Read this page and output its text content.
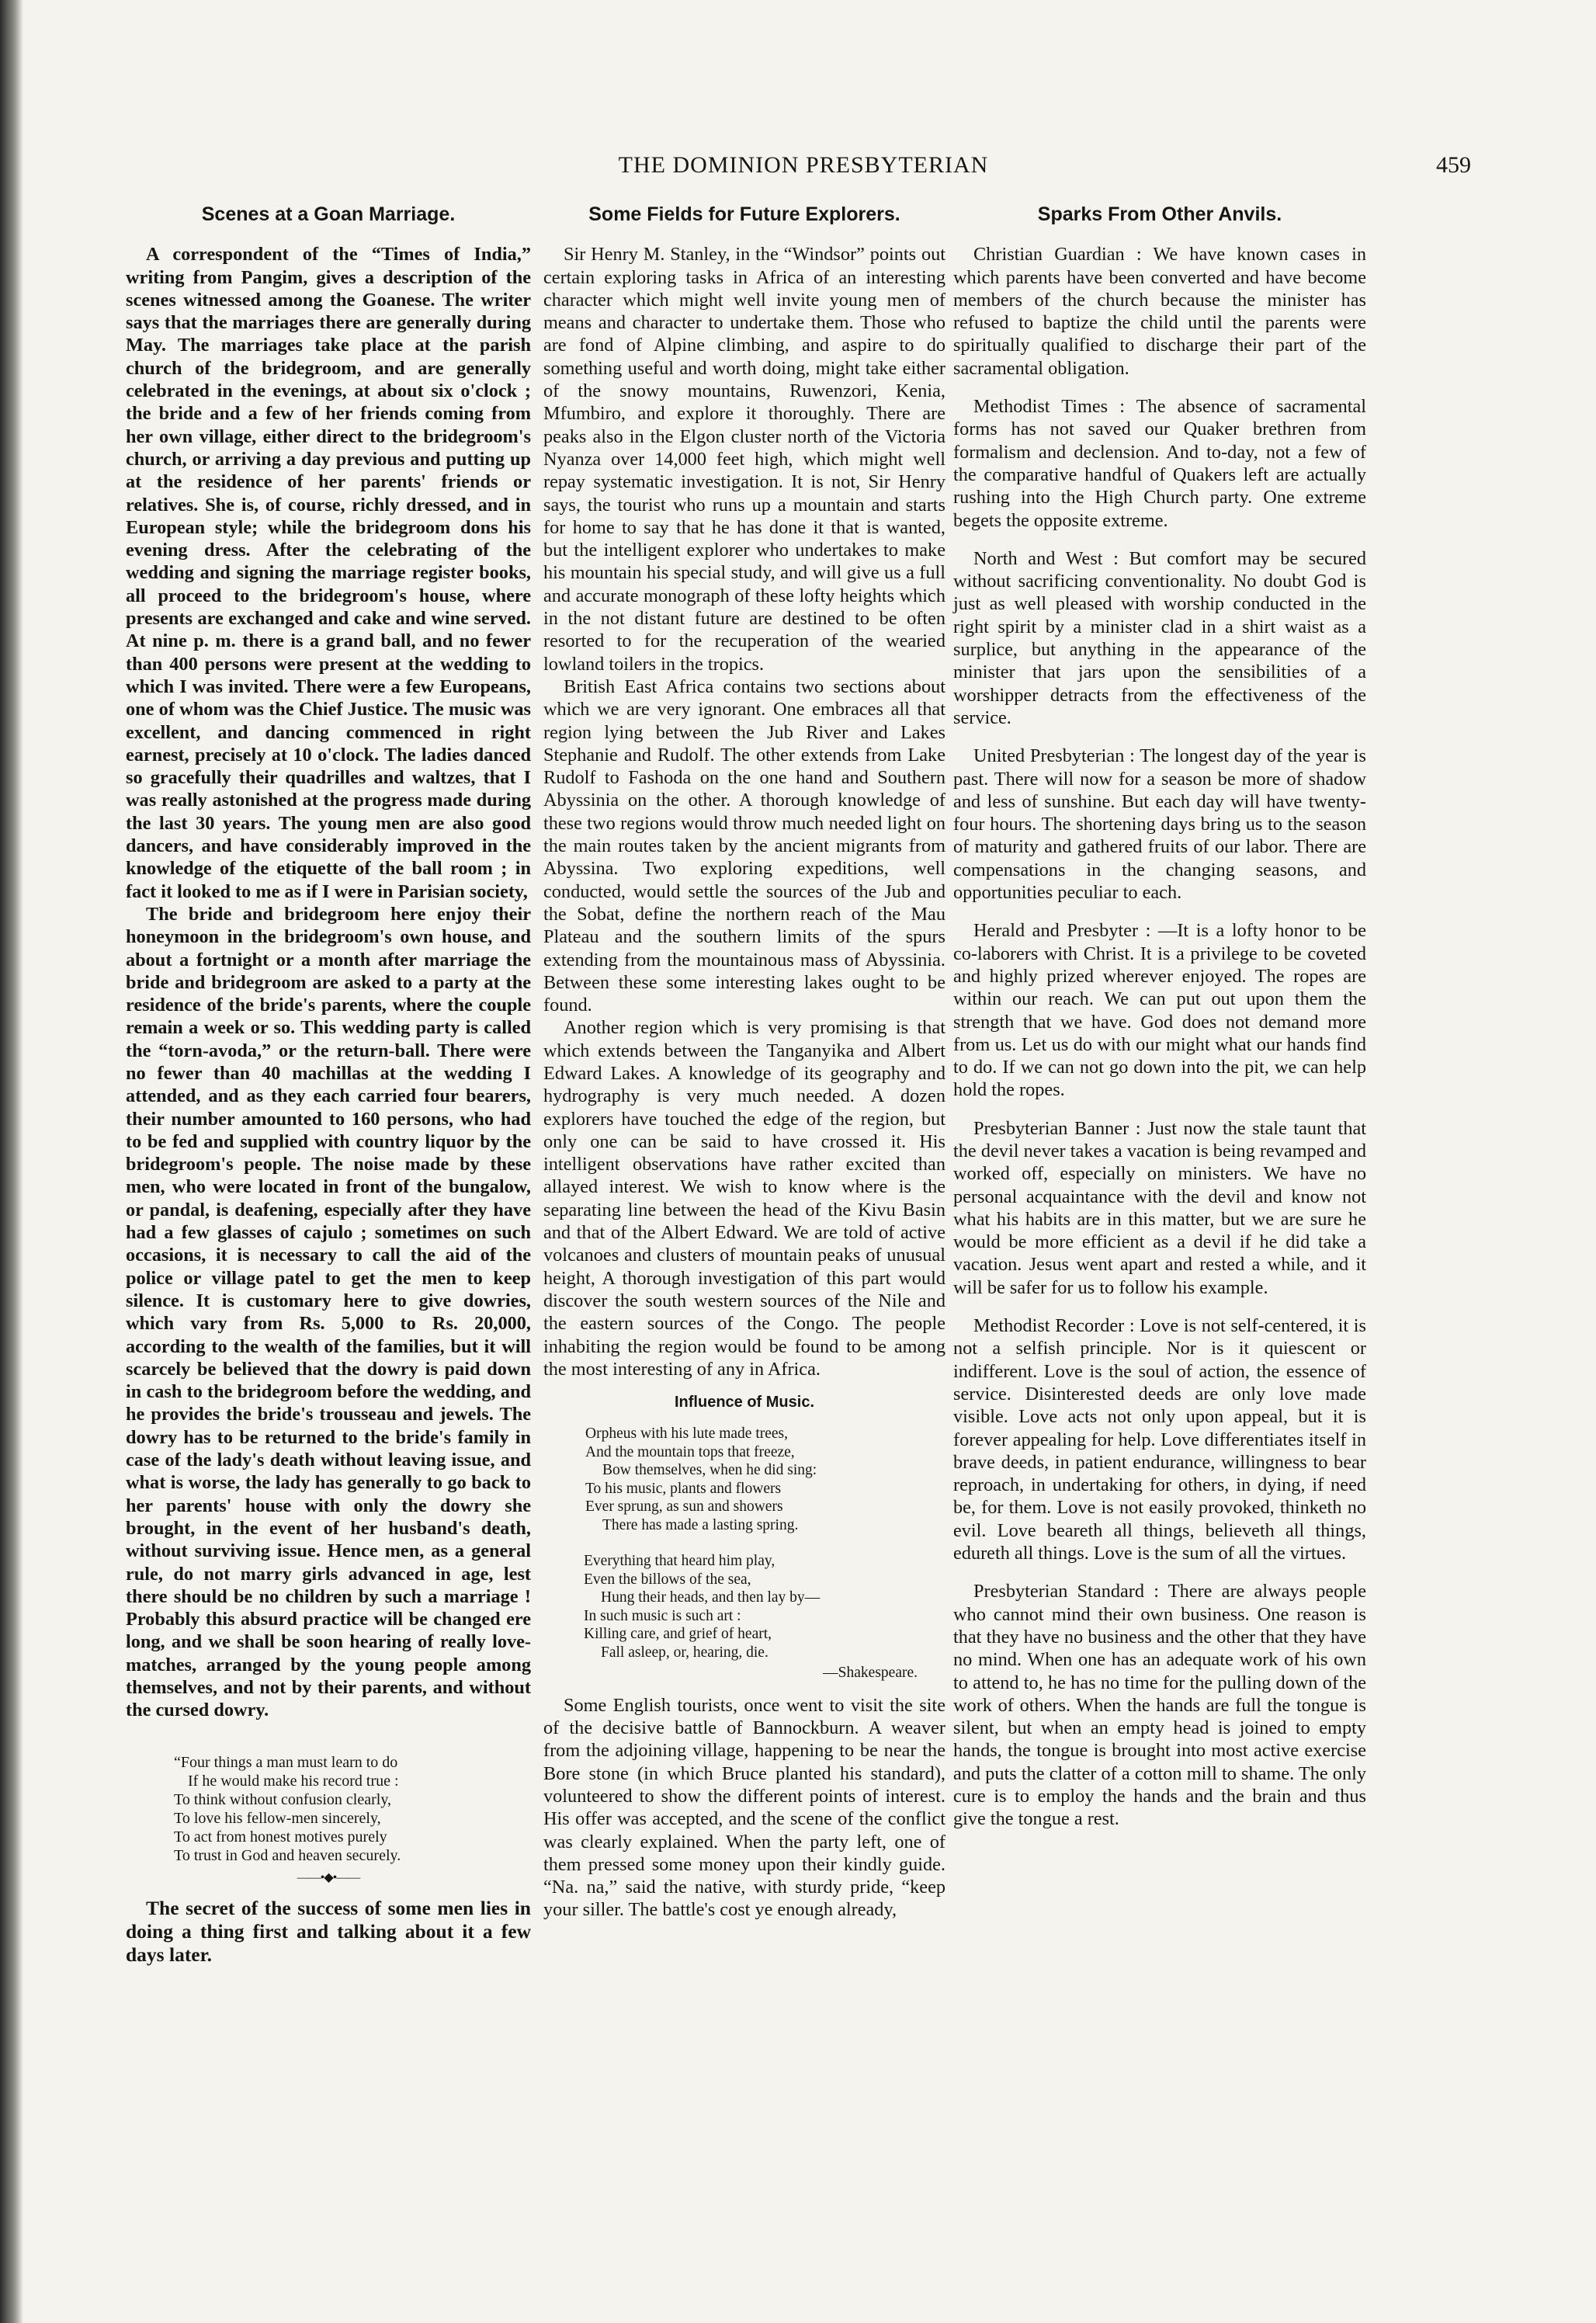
THE DOMINION PRESBYTERIAN	459
Scenes at a Goan Marriage.

A correspondent of the “Times of India,” writing from Pangim, gives a description of the scenes witnessed among the Goanese. The writer says that the marriages there are generally during May. The marriages take place at the parish church of the bridegroom, and are generally celebrated in the evenings, at about six o'clock ; the bride and a few of her friends coming from her own village, either direct to the bridegroom's church, or arriving a day previous and putting up at the residence of her parents' friends or relatives. She is, of course, richly dressed, and in European style; while the bridegroom dons his evening dress. After the celebrating of the wedding and signing the marriage register books, all proceed to the bridegroom's house, where presents are exchanged and cake and wine served. At nine p. m. there is a grand ball, and no fewer than 400 persons were present at the wedding to which I was invited. There were a few Europeans, one of whom was the Chief Justice. The music was excellent, and dancing commenced in right earnest, precisely at 10 o'clock. The ladies danced so gracefully their quadrilles and waltzes, that I was really astonished at the progress made during the last 30 years. The young men are also good dancers, and have considerably improved in the knowledge of the etiquette of the ball room ; in fact it looked to me as if I were in Parisian society,

The bride and bridegroom here enjoy their honeymoon in the bridegroom's own house, and about a fortnight or a month after marriage the bride and bridegroom are asked to a party at the residence of the bride's parents, where the couple remain a week or so. This wedding party is called the “torn-avoda,” or the return-ball. There were no fewer than 40 machillas at the wedding I attended, and as they each carried four bearers, their number amounted to 160 persons, who had to be fed and supplied with country liquor by the bridegroom's people. The noise made by these men, who were located in front of the bungalow, or pandal, is deafening, especially after they have had a few glasses of cajulo ; sometimes on such occasions, it is necessary to call the aid of the police or village patel to get the men to keep silence. It is customary here to give dowries, which vary from Rs. 5,000 to Rs. 20,000, according to the wealth of the families, but it will scarcely be believed that the dowry is paid down in cash to the bridegroom before the wedding, and he provides the bride's trousseau and jewels. The dowry has to be returned to the bride's family in case of the lady's death without leaving issue, and what is worse, the lady has generally to go back to her parents' house with only the dowry she brought, in the event of her husband's death, without surviving issue. Hence men, as a general rule, do not marry girls advanced in age, lest there should be no children by such a marriage ! Probably this absurd practice will be changed ere long, and we shall be soon hearing of really love-matches, arranged by the young people among themselves, and not by their parents, and without the cursed dowry.

“Four things a man must learn to do
If he would make his record true :
To think without confusion clearly,
To love his fellow-men sincerely,
To act from honest motives purely
To trust in God and heaven securely.
——•◆•——

The secret of the success of some men lies in doing a thing first and talking about it a few days later.

Some Fields for Future Explorers.

Sir Henry M. Stanley, in the “Windsor” points out certain exploring tasks in Africa of an interesting character which might well invite young men of means and character to undertake them. Those who are fond of Alpine climbing, and aspire to do something useful and worth doing, might take either of the snowy mountains, Ruwenzori, Kenia, Mfumbiro, and explore it thoroughly. There are peaks also in the Elgon cluster north of the Victoria Nyanza over 14,000 feet high, which might well repay systematic investigation. It is not, Sir Henry says, the tourist who runs up a mountain and starts for home to say that he has done it that is wanted, but the intelligent explorer who undertakes to make his mountain his special study, and will give us a full and accurate monograph of these lofty heights which in the not distant future are destined to be often resorted to for the recuperation of the wearied lowland toilers in the tropics.

British East Africa contains two sections about which we are very ignorant. One embraces all that region lying between the Jub River and Lakes Stephanie and Rudolf. The other extends from Lake Rudolf to Fashoda on the one hand and Southern Abyssinia on the other. A thorough knowledge of these two regions would throw much needed light on the main routes taken by the ancient migrants from Abyssina. Two exploring expeditions, well conducted, would settle the sources of the Jub and the Sobat, define the northern reach of the Mau Plateau and the southern limits of the spurs extending from the mountainous mass of Abyssinia. Between these some interesting lakes ought to be found.

Another region which is very promising is that which extends between the Tanganyika and Albert Edward Lakes. A knowledge of its geography and hydrography is very much needed. A dozen explorers have touched the edge of the region, but only one can be said to have crossed it. His intelligent observations have rather excited than allayed interest. We wish to know where is the separating line between the head of the Kivu Basin and that of the Albert Edward. We are told of active volcanoes and clusters of mountain peaks of unusual height, A thorough investigation of this part would discover the south western sources of the Nile and the eastern sources of the Congo. The people inhabiting the region would be found to be among the most interesting of any in Africa.

Influence of Music.
Orpheus with his lute made trees,
And the mountain tops that freeze,
Bow themselves, when he did sing:
To his music, plants and flowers
Ever sprung, as sun and showers
There has made a lasting spring.
Everything that heard him play,
Even the billows of the sea,
Hung their heads, and then lay by—
In such music is such art :
Killing care, and grief of heart,
Fall asleep, or, hearing, die.
—Shakespeare.

Some English tourists, once went to visit the site of the decisive battle of Bannockburn. A weaver from the adjoining village, happening to be near the Bore stone (in which Bruce planted his standard), volunteered to show the different points of interest. His offer was accepted, and the scene of the conflict was clearly explained. When the party left, one of them pressed some money upon their kindly guide. “Na. na,” said the native, with sturdy pride, “keep your siller. The battle's cost ye enough already,

Sparks From Other Anvils.

Christian Guardian : We have known cases in which parents have been converted and have become members of the church because the minister has refused to baptize the child until the parents were spiritually qualified to discharge their part of the sacramental obligation.

Methodist Times : The absence of sacramental forms has not saved our Quaker brethren from formalism and declension. And to-day, not a few of the comparative handful of Quakers left are actually rushing into the High Church party. One extreme begets the opposite extreme.

North and West : But comfort may be secured without sacrificing conventionality. No doubt God is just as well pleased with worship conducted in the right spirit by a minister clad in a shirt waist as a surplice, but anything in the appearance of the minister that jars upon the sensibilities of a worshipper detracts from the effectiveness of the service.

United Presbyterian : The longest day of the year is past. There will now for a season be more of shadow and less of sunshine. But each day will have twenty-four hours. The shortening days bring us to the season of maturity and gathered fruits of our labor. There are compensations in the changing seasons, and opportunities peculiar to each.

Herald and Presbyter : —It is a lofty honor to be co-laborers with Christ. It is a privilege to be coveted and highly prized wherever enjoyed. The ropes are within our reach. We can put out upon them the strength that we have. God does not demand more from us. Let us do with our might what our hands find to do. If we can not go down into the pit, we can help hold the ropes.

Presbyterian Banner : Just now the stale taunt that the devil never takes a vacation is being revamped and worked off, especially on ministers. We have no personal acquaintance with the devil and know not what his habits are in this matter, but we are sure he would be more efficient as a devil if he did take a vacation. Jesus went apart and rested a while, and it will be safer for us to follow his example.

Methodist Recorder : Love is not self-centered, it is not a selfish principle. Nor is it quiescent or indifferent. Love is the soul of action, the essence of service. Disinterested deeds are only love made visible. Love acts not only upon appeal, but it is forever appealing for help. Love differentiates itself in brave deeds, in patient endurance, willingness to bear reproach, in undertaking for others, in dying, if need be, for them. Love is not easily provoked, thinketh no evil. Love beareth all things, believeth all things, edureth all things. Love is the sum of all the virtues.

Presbyterian Standard : There are always people who cannot mind their own business. One reason is that they have no business and the other that they have no mind. When one has an adequate work of his own to attend to, he has no time for the pulling down of the work of others. When the hands are full the tongue is silent, but when an empty head is joined to empty hands, the tongue is brought into most active exercise and puts the clatter of a cotton mill to shame. The only cure is to employ the hands and the brain and thus give the tongue a rest.
